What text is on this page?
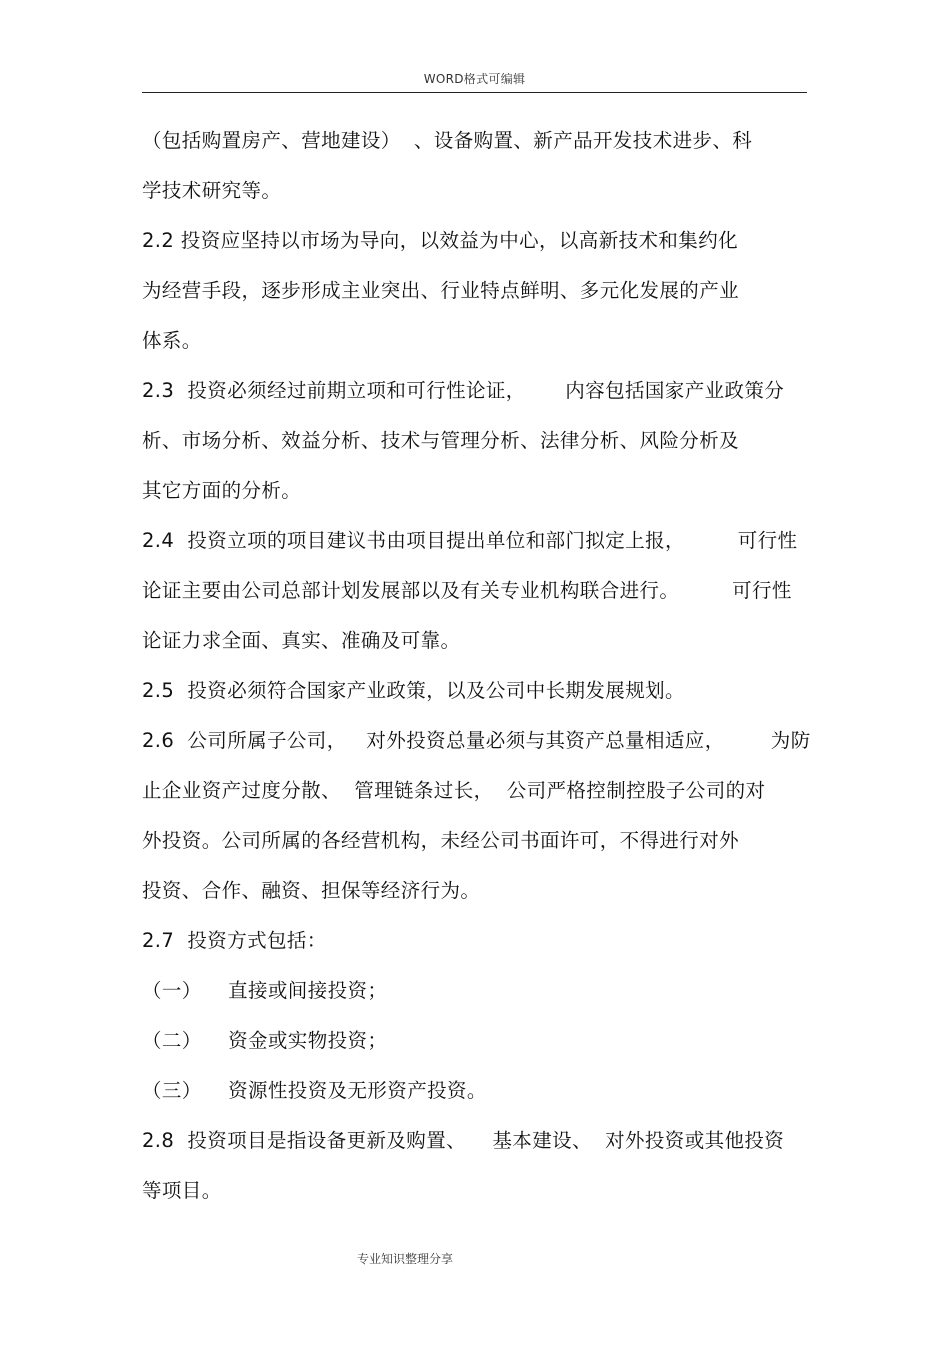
WORD格式可编辑
（包括购置房产、营地建设）  、设备购置、新产品开发技术进步、科
学技术研究等。
2.2 投资应坚持以市场为导向，以效益为中心，以高新技术和集约化
为经营手段，逐步形成主业突出、行业特点鲜明、多元化发展的产业
体系。
2.3  投资必须经过前期立项和可行性论证，      内容包括国家产业政策分
析、市场分析、效益分析、技术与管理分析、法律分析、风险分析及
其它方面的分析。
2.4  投资立项的项目建议书由项目提出单位和部门拟定上报，        可行性
论证主要由公司总部计划发展部以及有关专业机构联合进行。        可行性
论证力求全面、真实、准确及可靠。
2.5  投资必须符合国家产业政策，以及公司中长期发展规划。
2.6  公司所属子公司，   对外投资总量必须与其资产总量相适应，       为防
止企业资产过度分散、  管理链条过长，  公司严格控制控股子公司的对
外投资。公司所属的各经营机构，未经公司书面许可，不得进行对外
投资、合作、融资、担保等经济行为。
2.7  投资方式包括：
（一）    直接或间接投资；
（二）    资金或实物投资；
（三）    资源性投资及无形资产投资。
2.8  投资项目是指设备更新及购置、    基本建设、  对外投资或其他投资
等项目。
专业知识整理分享
